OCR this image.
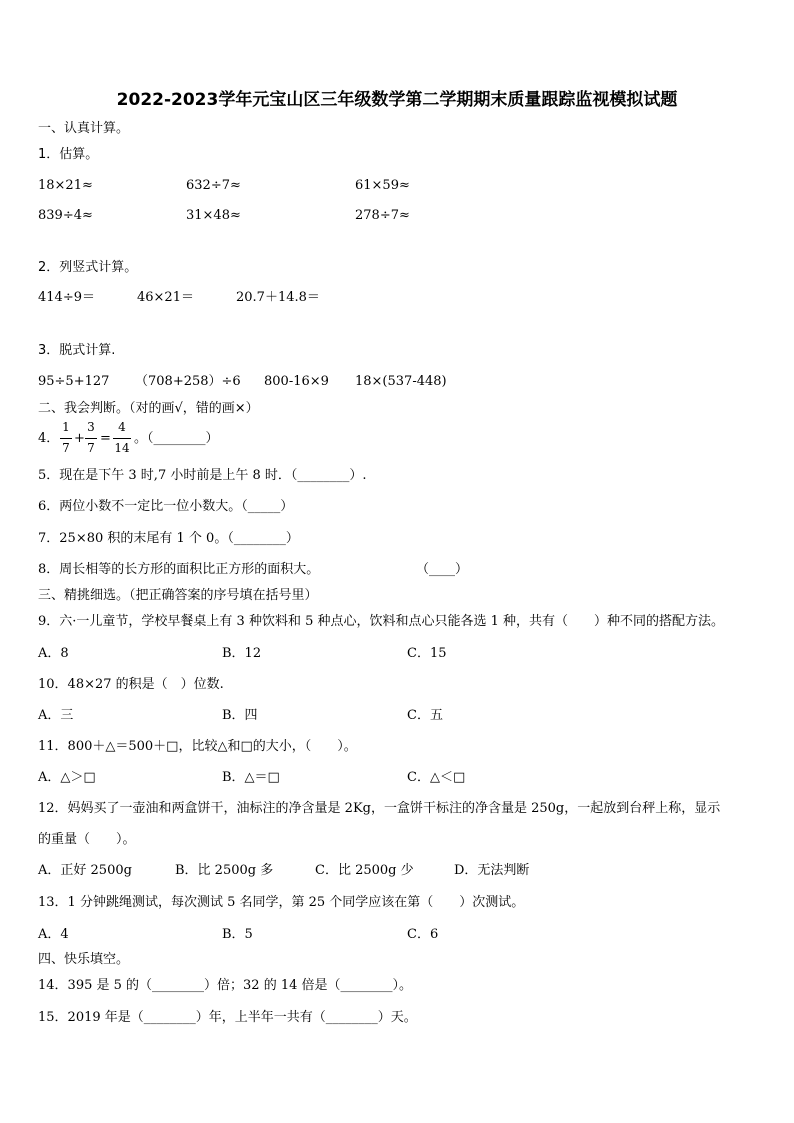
2022-2023学年元宝山区三年级数学第二学期期末质量跟踪监视模拟试题
一、认真计算。
1．估算。
18×21≈	632÷7≈	61×59≈
839÷4≈	31×48≈	278÷7≈
2．列竖式计算。
414÷9＝	46×21＝	20.7＋14.8＝
3．脱式计算.
95÷5+127 （708+258）÷6 800-16×9 18×(537-448)
二、我会判断。（对的画√，错的画×）
4．
1
7
+
3
7
=
4
14
。（________）
5．现在是下午 3 时,7 小时前是上午 8 时．（________）.
6．两位小数不一定比一位小数大。（_____）
7．25×80 积的末尾有 1 个 0。（________）
8．周长相等的长方形的面积比正方形的面积大。	（____）
三、精挑细选。（把正确答案的序号填在括号里）
9．六·一儿童节，学校早餐桌上有 3 种饮料和 5 种点心，饮料和点心只能各选 1 种，共有（　　）种不同的搭配方法。
A．8	B．12	C．15
10．48×27 的积是（　）位数.
A．三	B．四	C．五
11．800＋△＝500＋□，比较△和□的大小，（　　）。
A．△＞□	B．△＝□	C．△＜□
12．妈妈买了一壶油和两盒饼干，油标注的净含量是 2Kg，一盒饼干标注的净含量是 250g，一起放到台秤上称，显示
的重量（　　）。
A．正好 2500g	B．比 2500g 多	C．比 2500g 少	D．无法判断
13．1 分钟跳绳测试，每次测试 5 名同学，第 25 个同学应该在第（　　）次测试。
A．4	B．5	C．6
四、快乐填空。
14．395 是 5 的（________）倍；32 的 14 倍是（________）。
15．2019 年是（________）年，上半年一共有（________）天。
